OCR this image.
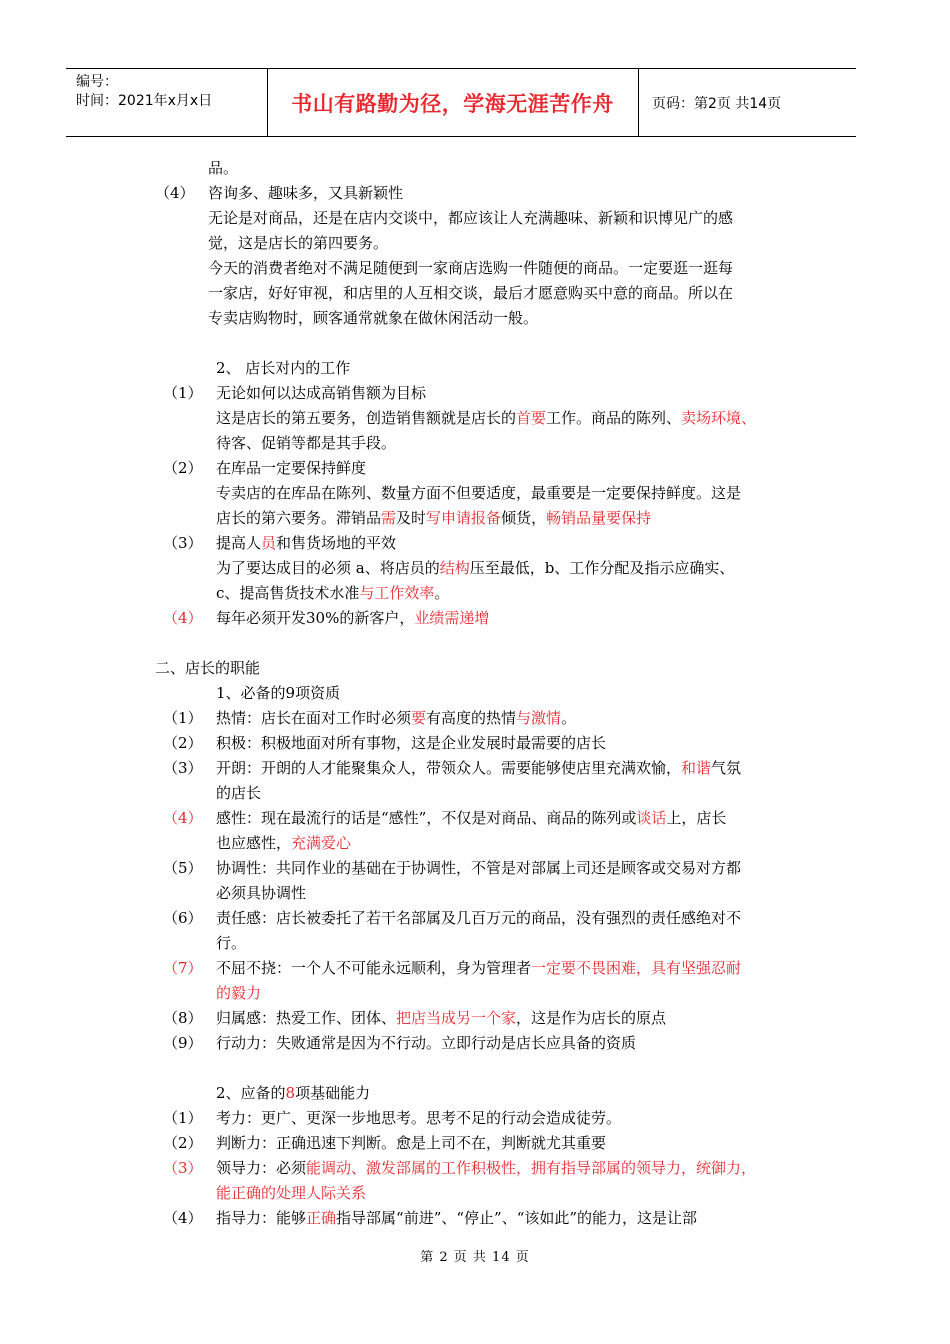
编号：
时间：2021年x月x日	书山有路勤为径，学海无涯苦作舟	页码：第2页 共14页
品。
（4） 咨询多、趣味多，又具新颖性
无论是对商品，还是在店内交谈中，都应该让人充满趣味、新颖和识博见广的感
觉，这是店长的第四要务。
今天的消费者绝对不满足随便到一家商店选购一件随便的商品。一定要逛一逛每
一家店，好好审视，和店里的人互相交谈，最后才愿意购买中意的商品。所以在
专卖店购物时，顾客通常就象在做休闲活动一般。
2、 店长对内的工作
（1） 无论如何以达成高销售额为目标
这是店长的第五要务，创造销售额就是店长的首要工作。商品的陈列、卖场环境、
待客、促销等都是其手段。
（2） 在库品一定要保持鲜度
专卖店的在库品在陈列、数量方面不但要适度，最重要是一定要保持鲜度。这是
店长的第六要务。滞销品需及时写申请报备倾货，畅销品量要保持
（3） 提高人员和售货场地的平效
为了要达成目的必须 a、将店员的结构压至最低，b、工作分配及指示应确实、
c、提高售货技术水准与工作效率。
（4） 每年必须开发30%的新客户，业绩需递增
二、店长的职能
1、必备的9项资质
（1） 热情：店长在面对工作时必须要有高度的热情与激情。
（2） 积极：积极地面对所有事物，这是企业发展时最需要的店长
（3） 开朗：开朗的人才能聚集众人，带领众人。需要能够使店里充满欢愉，和谐气氛
的店长
（4） 感性：现在最流行的话是“感性”，不仅是对商品、商品的陈列或谈话上，店长
也应感性，充满爱心
（5） 协调性：共同作业的基础在于协调性，不管是对部属上司还是顾客或交易对方都
必须具协调性
（6） 责任感：店长被委托了若干名部属及几百万元的商品，没有强烈的责任感绝对不
行。
（7） 不屈不挠：一个人不可能永远顺利，身为管理者一定要不畏困难，具有坚强忍耐
的毅力
（8） 归属感：热爱工作、团体、把店当成另一个家，这是作为店长的原点
（9） 行动力：失败通常是因为不行动。立即行动是店长应具备的资质
2、应备的8项基础能力
（1） 考力：更广、更深一步地思考。思考不足的行动会造成徒劳。
（2） 判断力：正确迅速下判断。愈是上司不在，判断就尤其重要
（3） 领导力：必须能调动、激发部属的工作积极性，拥有指导部属的领导力，统御力，
能正确的处理人际关系
（4） 指导力：能够正确指导部属“前进”、“停止”、“该如此”的能力，这是让部
第 2 页 共 14 页
